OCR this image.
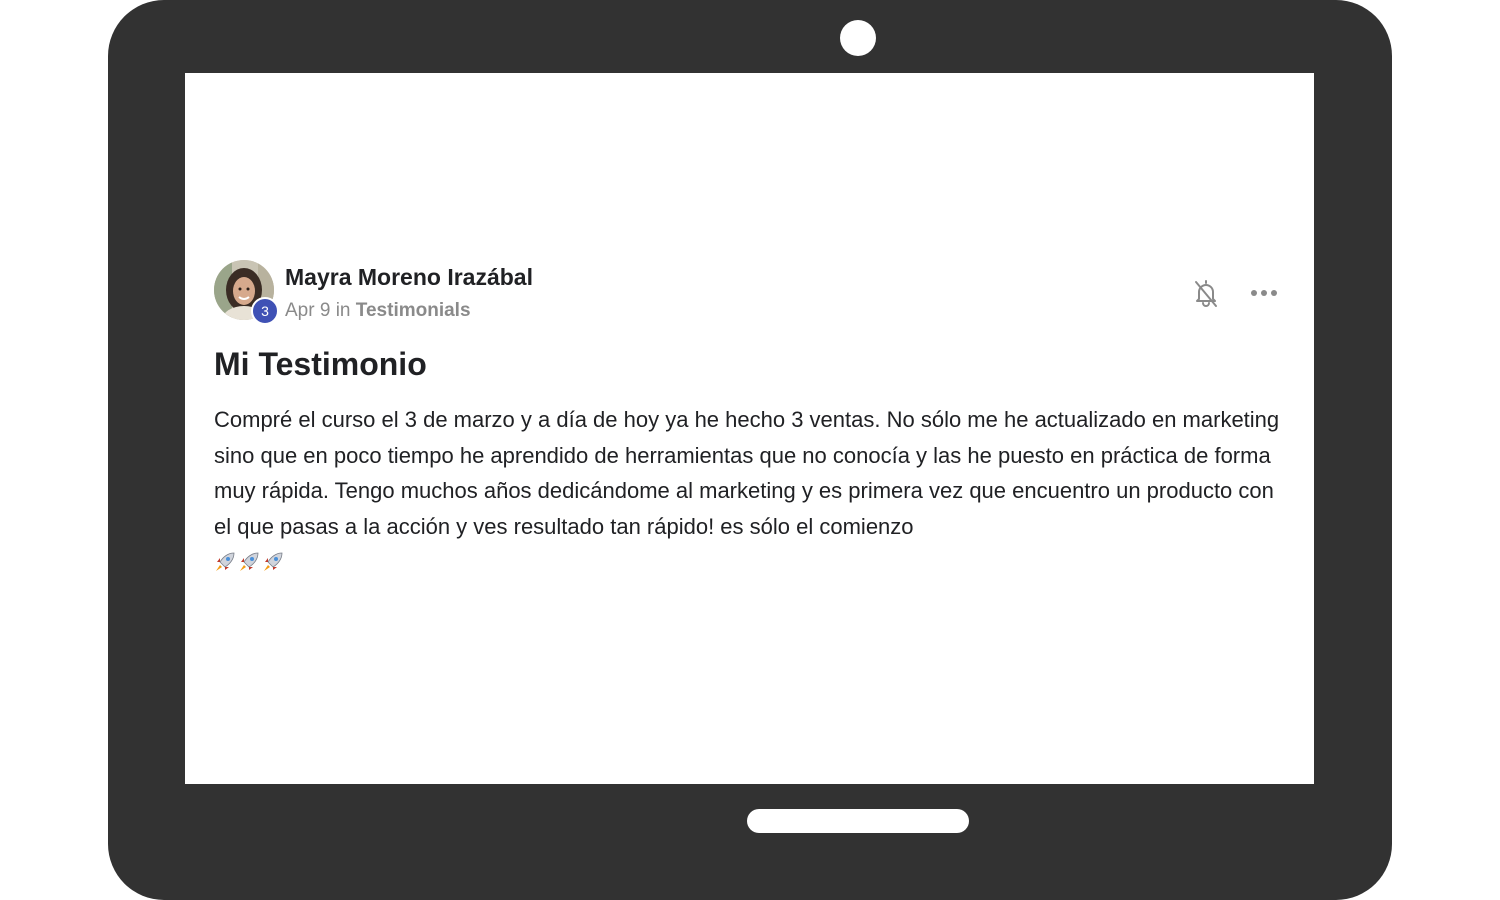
3
Mayra Moreno Irazábal
Apr 9 in Testimonials
Mi Testimonio
Compré el curso el 3 de marzo y a día de hoy ya he hecho 3 ventas. No sólo me he actualizado en marketing sino que en poco tiempo he aprendido de herramientas que no conocía y las he puesto en práctica de forma muy rápida. Tengo muchos años dedicándome al marketing y es primera vez que encuentro un producto con el que pasas a la acción y ves resultado tan rápido! es sólo el comienzo
